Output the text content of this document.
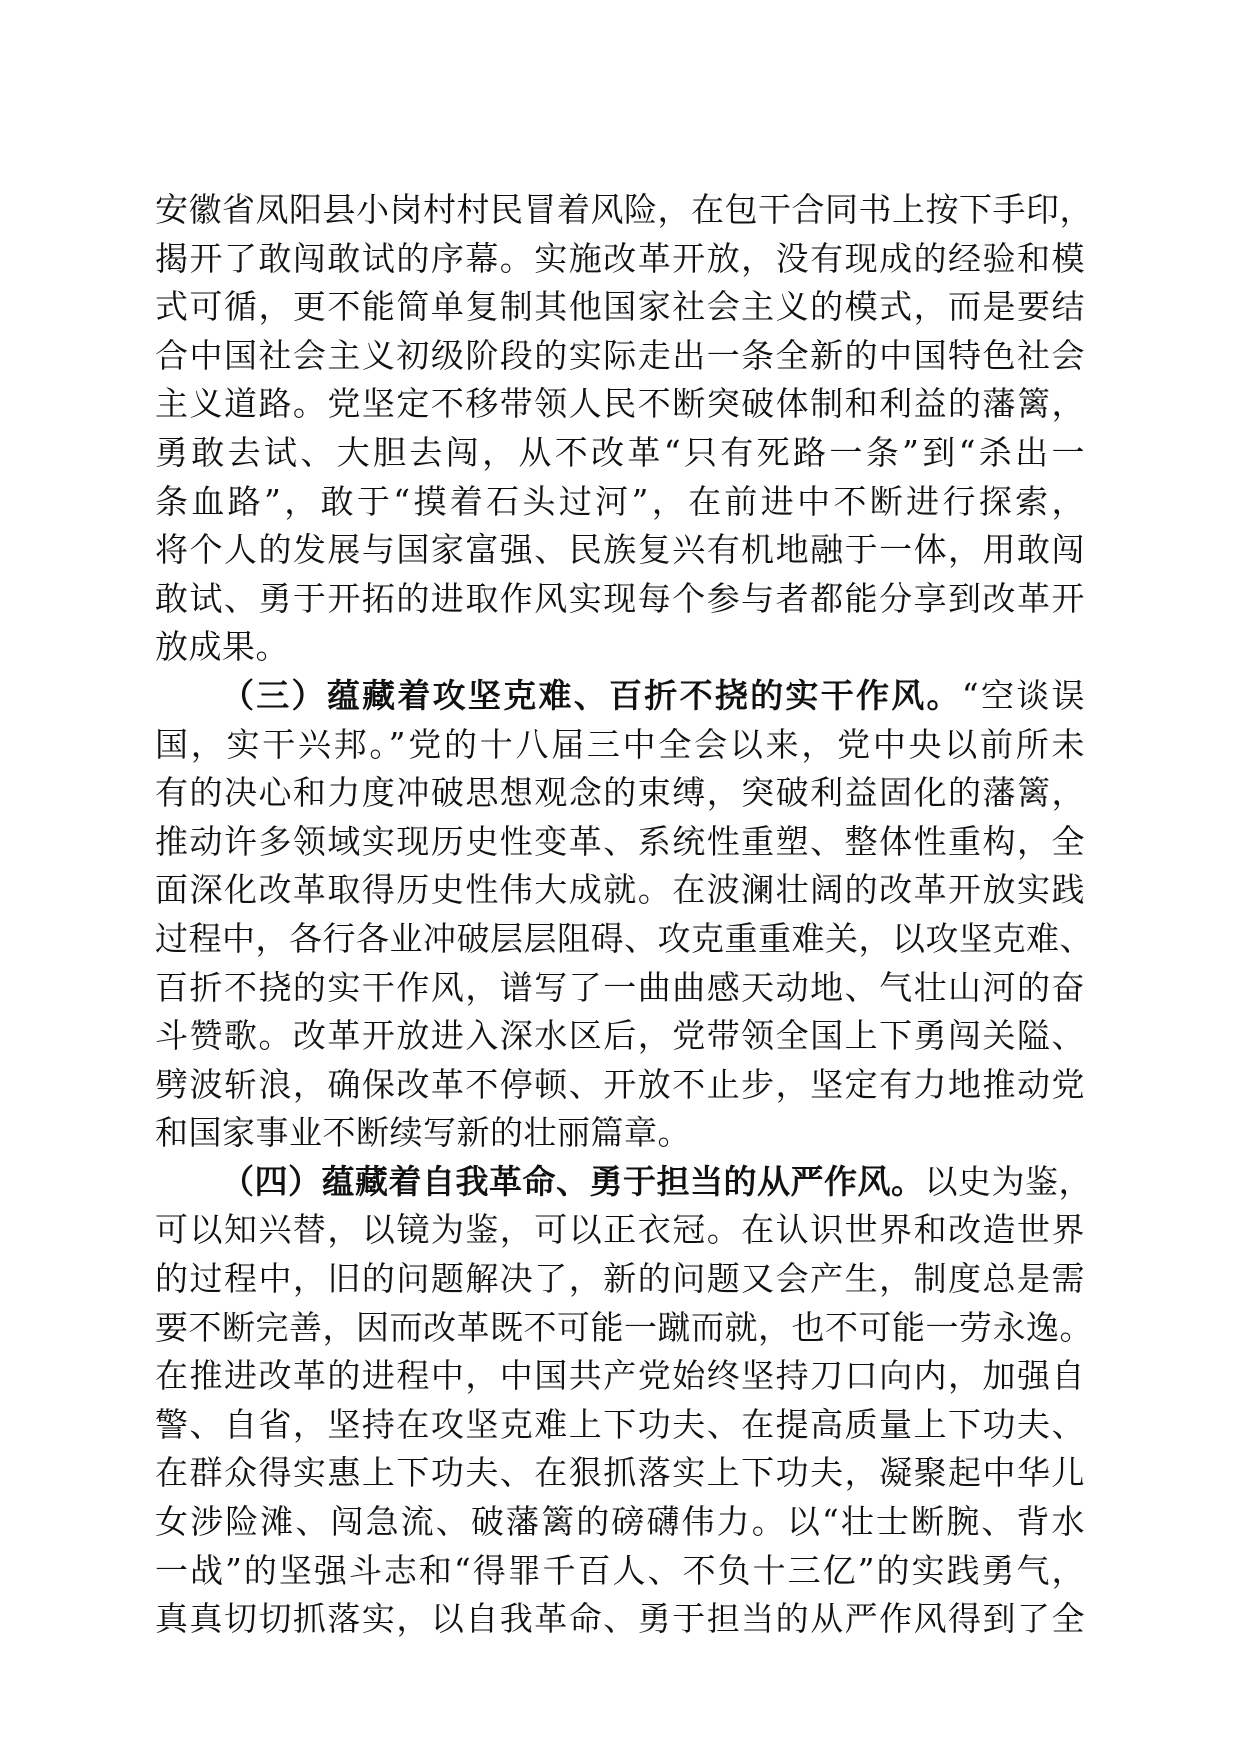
安徽省凤阳县小岗村村民冒着风险，在包干合同书上按下手印，
揭开了敢闯敢试的序幕。实施改革开放，没有现成的经验和模
式可循，更不能简单复制其他国家社会主义的模式，而是要结
合中国社会主义初级阶段的实际走出一条全新的中国特色社会
主义道路。党坚定不移带领人民不断突破体制和利益的藩篱，
勇敢去试、大胆去闯，从不改革“只有死路一条”到“杀出一
条血路”，敢于“摸着石头过河”，在前进中不断进行探索，
将个人的发展与国家富强、民族复兴有机地融于一体，用敢闯
敢试、勇于开拓的进取作风实现每个参与者都能分享到改革开
放成果。
（三）蕴藏着攻坚克难、百折不挠的实干作风。“空谈误
国，实干兴邦。”党的十八届三中全会以来，党中央以前所未
有的决心和力度冲破思想观念的束缚，突破利益固化的藩篱，
推动许多领域实现历史性变革、系统性重塑、整体性重构，全
面深化改革取得历史性伟大成就。在波澜壮阔的改革开放实践
过程中，各行各业冲破层层阻碍、攻克重重难关，以攻坚克难、
百折不挠的实干作风，谱写了一曲曲感天动地、气壮山河的奋
斗赞歌。改革开放进入深水区后，党带领全国上下勇闯关隘、
劈波斩浪，确保改革不停顿、开放不止步，坚定有力地推动党
和国家事业不断续写新的壮丽篇章。
（四）蕴藏着自我革命、勇于担当的从严作风。以史为鉴，
可以知兴替，以镜为鉴，可以正衣冠。在认识世界和改造世界
的过程中，旧的问题解决了，新的问题又会产生，制度总是需
要不断完善，因而改革既不可能一蹴而就，也不可能一劳永逸。
在推进改革的进程中，中国共产党始终坚持刀口向内，加强自
警、自省，坚持在攻坚克难上下功夫、在提高质量上下功夫、
在群众得实惠上下功夫、在狠抓落实上下功夫，凝聚起中华儿
女涉险滩、闯急流、破藩篱的磅礴伟力。以“壮士断腕、背水
一战”的坚强斗志和“得罪千百人、不负十三亿”的实践勇气，
真真切切抓落实，以自我革命、勇于担当的从严作风得到了全
